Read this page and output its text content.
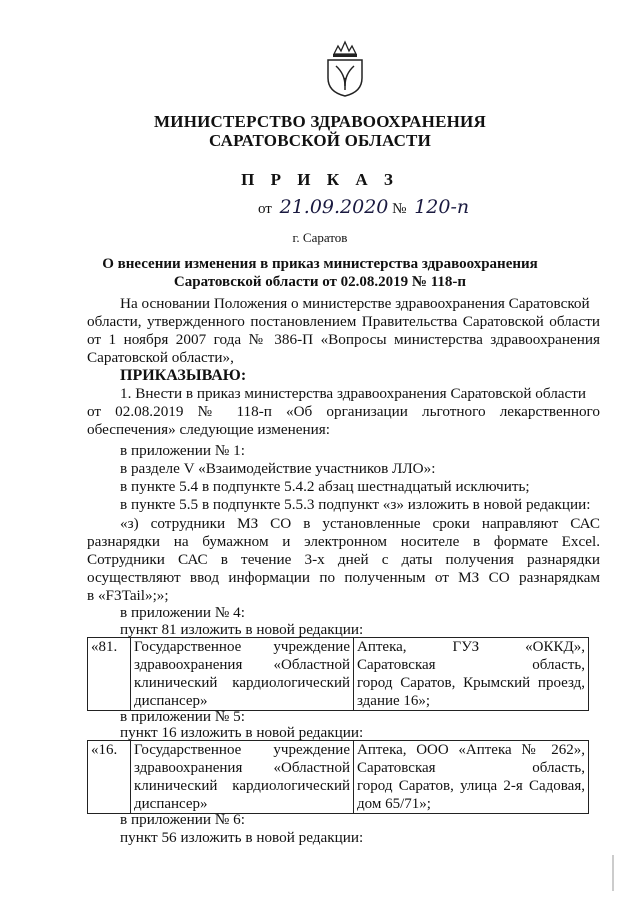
МИНИСТЕРСТВО ЗДРАВООХРАНЕНИЯ
САРАТОВСКОЙ ОБЛАСТИ
П Р И К А З
от 21.09.2020 № 120-п
г. Саратов
О внесении изменения в приказ министерства здравоохранения
Саратовской области от 02.08.2019 № 118-п
На основании Положения о министерстве здравоохранения Саратовской
области, утвержденного постановлением Правительства Саратовской области
от 1 ноября 2007 года № 386-П «Вопросы министерства здравоохранения
Саратовской области»,
ПРИКАЗЫВАЮ:
1. Внести в приказ министерства здравоохранения Саратовской области
от 02.08.2019 № 118-п «Об организации льготного лекарственного
обеспечения» следующие изменения:
в приложении № 1:
в разделе V «Взаимодействие участников ЛЛО»:
в пункте 5.4 в подпункте 5.4.2 абзац шестнадцатый исключить;
в пункте 5.5 в подпункте 5.5.3 подпункт «з» изложить в новой редакции:
«з) сотрудники МЗ СО в установленные сроки направляют САС
разнарядки на бумажном и электронном носителе в формате Excel.
Сотрудники САС в течение 3-х дней с даты получения разнарядки
осуществляют ввод информации по полученным от МЗ СО разнарядкам
в «F3Tail»;»;
в приложении № 4:
пункт 81 изложить в новой редакции:
«81.	Государственное учреждение
здравоохранения «Областной
клинический кардиологический
диспансер»

Аптека, ГУЗ «ОККД»,
Саратовская область,
город Саратов, Крымский проезд,
здание 16»;
в приложении № 5:
пункт 16 изложить в новой редакции:
«16.	Государственное учреждение
здравоохранения «Областной
клинический кардиологический
диспансер»

Аптека, ООО «Аптека № 262»,
Саратовская область,
город Саратов, улица 2-я Садовая,
дом 65/71»;
в приложении № 6:
пункт 56 изложить в новой редакции:
